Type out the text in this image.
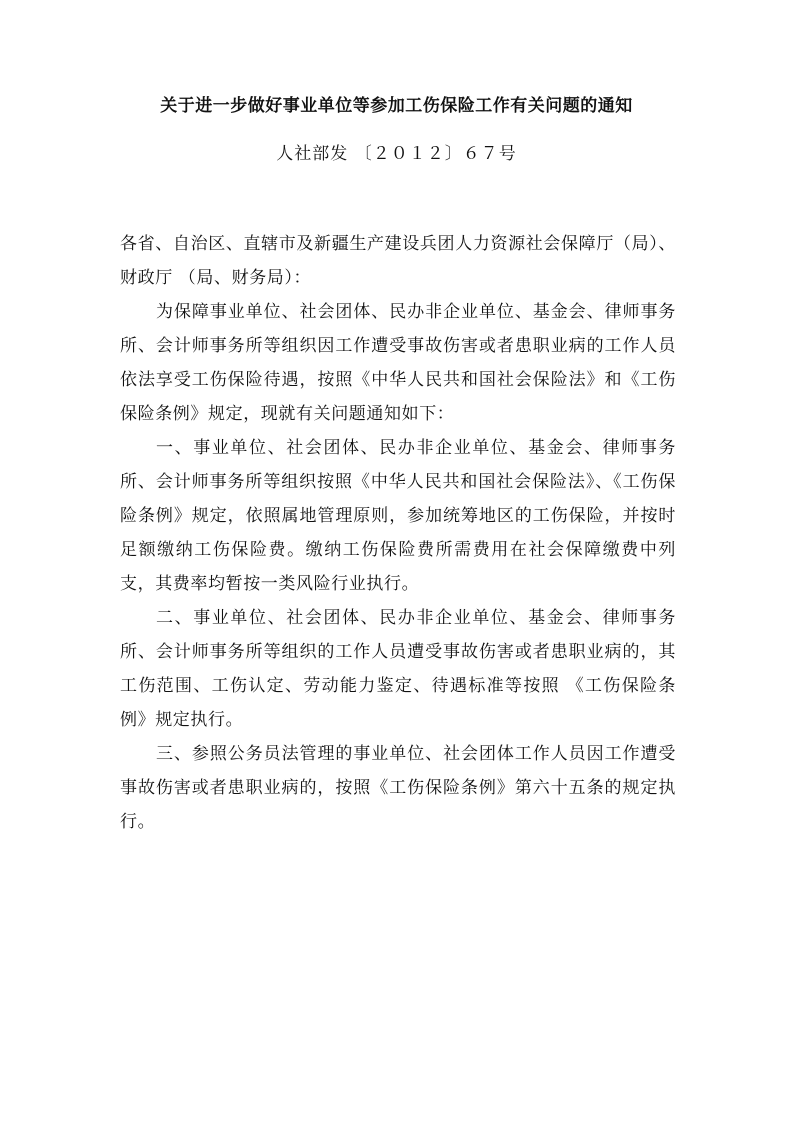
关于进一步做好事业单位等参加工伤保险工作有关问题的通知
人社部发 〔２０１２〕６７号

各省、自治区、直辖市及新疆生产建设兵团人力资源社会保障厅（局）、财政厅 （局、财务局）：

为保障事业单位、社会团体、民办非企业单位、基金会、律师事务所、会计师事务所等组织因工作遭受事故伤害或者患职业病的工作人员依法享受工伤保险待遇，按照《中华人民共和国社会保险法》和《工伤保险条例》规定，现就有关问题通知如下：

一、事业单位、社会团体、民办非企业单位、基金会、律师事务所、会计师事务所等组织按照《中华人民共和国社会保险法》、《工伤保险条例》规定，依照属地管理原则，参加统筹地区的工伤保险，并按时足额缴纳工伤保险费。缴纳工伤保险费所需费用在社会保障缴费中列支，其费率均暂按一类风险行业执行。

二、事业单位、社会团体、民办非企业单位、基金会、律师事务所、会计师事务所等组织的工作人员遭受事故伤害或者患职业病的，其工伤范围、工伤认定、劳动能力鉴定、待遇标准等按照 《工伤保险条例》规定执行。

三、参照公务员法管理的事业单位、社会团体工作人员因工作遭受事故伤害或者患职业病的，按照《工伤保险条例》第六十五条的规定执行。
